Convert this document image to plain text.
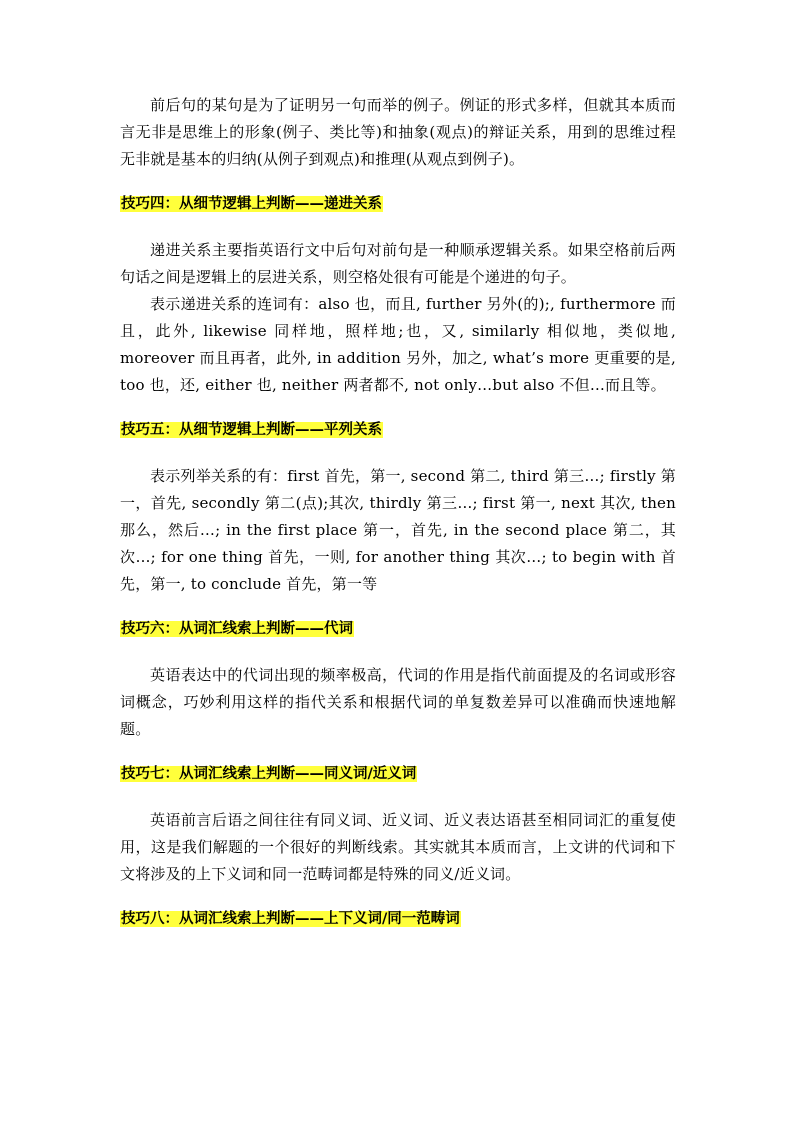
前后句的某句是为了证明另一句而举的例子。例证的形式多样，但就其本质而言无非是思维上的形象(例子、类比等)和抽象(观点)的辩证关系，用到的思维过程无非就是基本的归纳(从例子到观点)和推理(从观点到例子)。

技巧四：从细节逻辑上判断——递进关系

递进关系主要指英语行文中后句对前句是一种顺承逻辑关系。如果空格前后两句话之间是逻辑上的层进关系，则空格处很有可能是个递进的句子。

表示递进关系的连词有：also 也，而且, further 另外(的);, furthermore 而且，此外, likewise 同样地，照样地;也，又, similarly 相似地，类似地, moreover 而且再者，此外, in addition 另外，加之, what’s more 更重要的是, too 也，还, either 也, neither 两者都不, not only…but also 不但…而且等。

技巧五：从细节逻辑上判断——平列关系

表示列举关系的有：first 首先，第一, second 第二, third 第三…; firstly 第一，首先, secondly 第二(点);其次, thirdly 第三…; first 第一, next 其次, then 那么，然后…; in the first place 第一，首先, in the second place 第二，其次…; for one thing 首先，一则, for another thing 其次…; to begin with 首先，第一, to conclude 首先，第一等

技巧六：从词汇线索上判断——代词

英语表达中的代词出现的频率极高，代词的作用是指代前面提及的名词或形容词概念，巧妙利用这样的指代关系和根据代词的单复数差异可以准确而快速地解题。

技巧七：从词汇线索上判断——同义词/近义词

英语前言后语之间往往有同义词、近义词、近义表达语甚至相同词汇的重复使用，这是我们解题的一个很好的判断线索。其实就其本质而言，上文讲的代词和下文将涉及的上下义词和同一范畴词都是特殊的同义/近义词。

技巧八：从词汇线索上判断——上下义词/同一范畴词
